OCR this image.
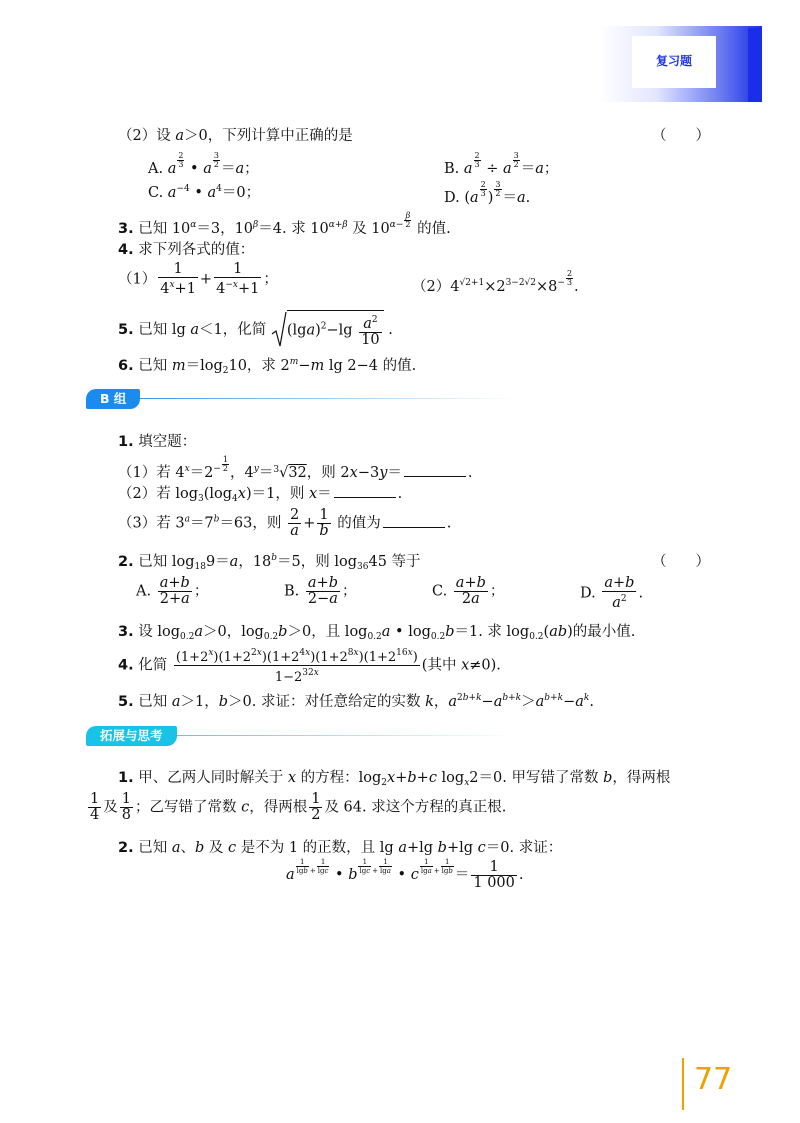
复习题
（2）设 a＞0，下列计算中正确的是	（　　）
A. a $\frac{2}{3}$ • a $\frac{3}{2} =a$；	B. a $\frac{2}{3} \div a \frac{3}{2} =a$；
C. $a^{-4}$ • $a^4=0$；	D. ($a \frac{2}{3}$ ) $\frac{3}{2} =a$.
3. 已知 $10^\alpha=3$，$10^\beta=4$. 求 $10^{\alpha+\beta}$ 及 $10^{\alpha- \frac{\beta}{2}}$ 的值.
4. 求下列各式的值：
$(1) \frac{1}{4^x+1} + \frac{1}{4^{-x}+1}$ ；	$(2)4^{√2+1}\times 2^{3-2√2}\times 8^{- \frac{2}{3}}$ .
5. 已知 lg a＜1，化简 $(\lg a)^2-\lg \frac{a^2}{10}$ .
6. 已知 $m=\log_210$，求 $2^m-m$ lg 2−4 的值.
B 组
1. 填空题：
（1）若 $4^x=2^{- \frac{1}{2}}$ ，$4^y=^3√32$，则 2x−3y＝	.
（2）若 $\log_3(\log_4x)=1$，则 x＝	.
（3）若 $3^a=7^b=63$，则 $\frac{2}{a} + \frac{1}{b}$ 的值为	.
2. 已知 $\log_{18}9=a$，$18^b=5$，则 $\log_{36}45$ 等于	（　　）
A. $\frac{a+b}{2+a}$ ；	B. $\frac{a+b}{2-a}$ ；	C. $\frac{a+b}{2a}$ ；	D. $\frac{a+b}{a^2}$ .
3. 设 $\log_{0.2}a>0$，$\log_{0.2}b>0$，且 $\log_{0.2}a$ • $\log_{0.2}b=1$. 求 $\log_{0.2}(ab)$的最小值.
4. 化简 $\frac{(1+2^x)(1+2^{2x})(1+2^{4x})(1+2^{8x})(1+2^{16x})}{1-2^{32x}}$ (其中 x≠0).
5. 已知 a＞1，b＞0. 求证：对任意给定的实数 k，$a^{2b+k}-a^{b+k}>a^{b+k}-a^k$.
拓展与思考
1. 甲、乙两人同时解关于 x 的方程：$\log_2x+b+c$ $\log_x2=0$. 甲写错了常数 b，得两根
$\frac{1}{4}$ 及 $\frac{1}{8}$ ；乙写错了常数 c，得两根 $\frac{1}{2}$ 及 64. 求这个方程的真正根.
2. 已知 a、b 及 c 是不为 1 的正数，且 lg a+lg b+lg c＝0. 求证：
a $\frac{1}{\lg b} ^+ \frac{1}{\lg c}$ • b $\frac{1}{\lg c} ^+ \frac{1}{\lg a}$ • c $\frac{1}{\lg a} ^+ \frac{1}{\lg b} = \frac{1}{1 000}$ .
77
